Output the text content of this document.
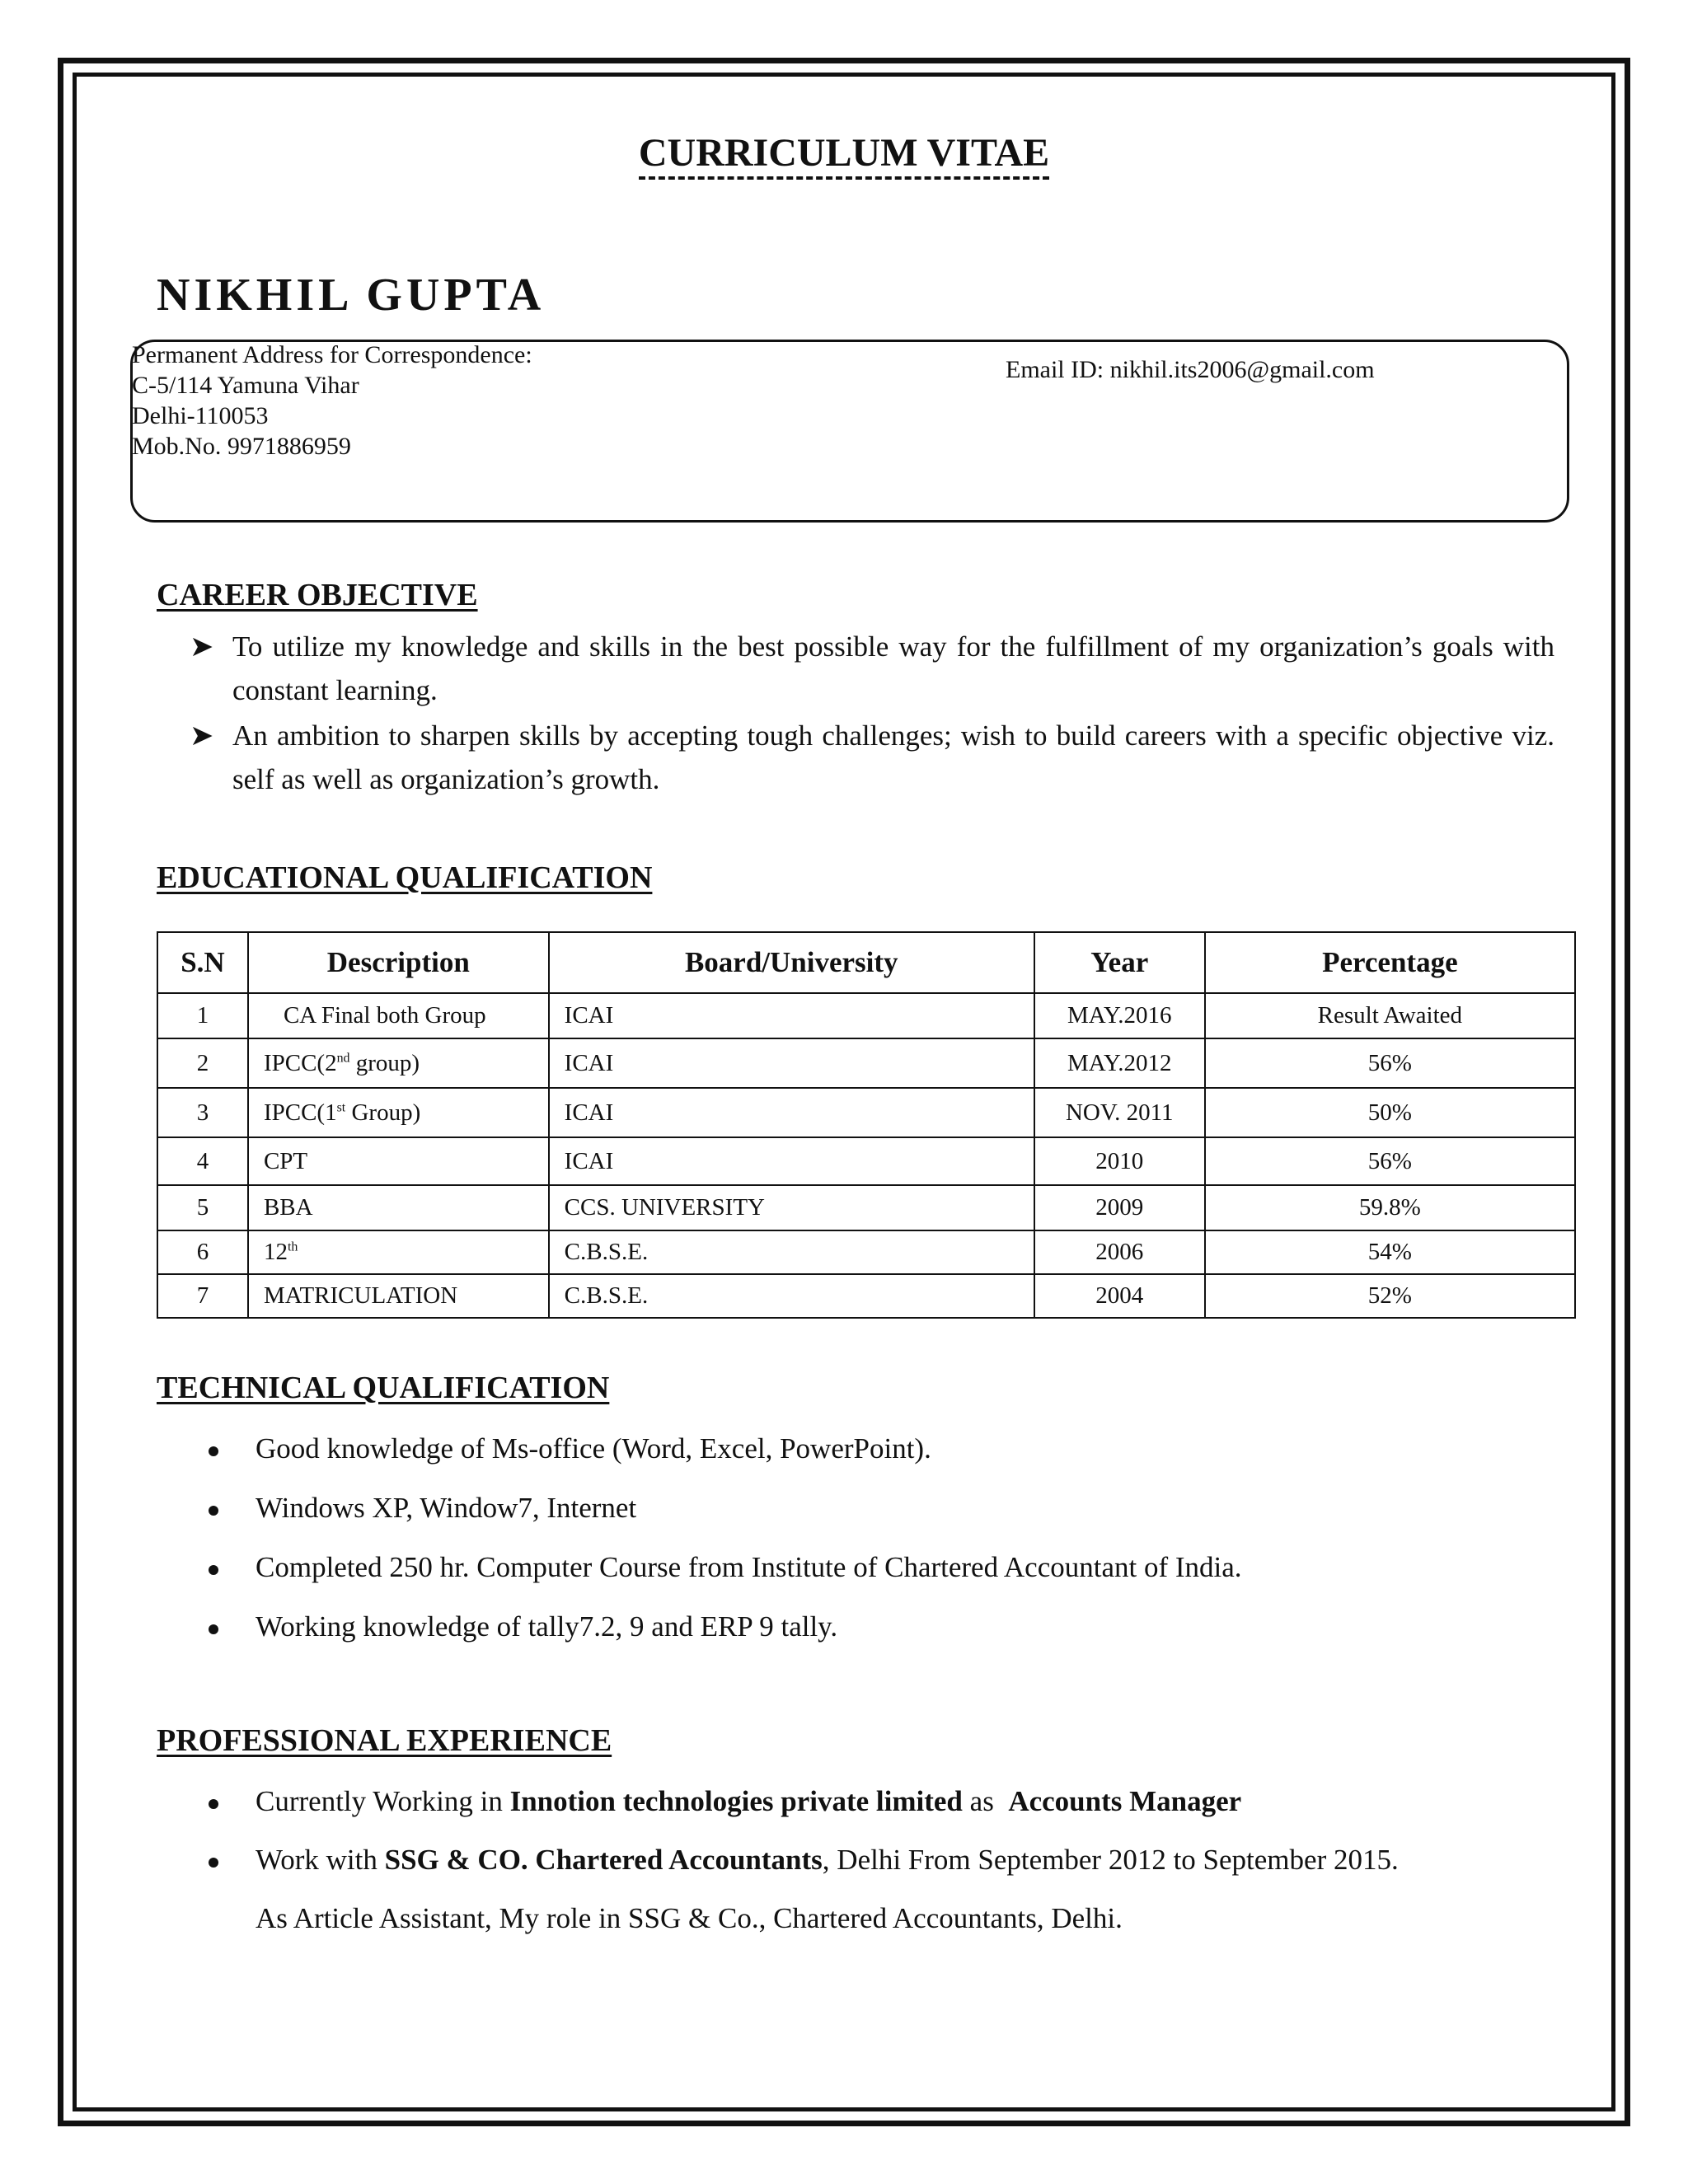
CURRICULUM VITAE
NIKHIL GUPTA
Permanent Address for Correspondence:
C-5/114 Yamuna Vihar
Delhi-110053
Mob.No. 9971886959
Email ID: nikhil.its2006@gmail.com
CAREER OBJECTIVE
➤ To utilize my knowledge and skills in the best possible way for the fulfillment of my organization’s goals with constant learning.
➤ An ambition to sharpen skills by accepting tough challenges; wish to build careers with a specific objective viz. self as well as organization’s growth.
EDUCATIONAL QUALIFICATION
S.N	Description	Board/University	Year	Percentage
1	CA Final both Group	ICAI	MAY.2016	Result Awaited
2	IPCC(2nd group)	ICAI	MAY.2012	56%
3	IPCC(1st Group)	ICAI	NOV. 2011	50%
4	CPT	ICAI	2010	56%
5	BBA	CCS. UNIVERSITY	2009	59.8%
6	12th	C.B.S.E.	2006	54%
7	MATRICULATION	C.B.S.E.	2004	52%
TECHNICAL QUALIFICATION
Good knowledge of Ms-office (Word, Excel, PowerPoint).
Windows XP, Window7, Internet
Completed 250 hr. Computer Course from Institute of Chartered Accountant of India.
Working knowledge of tally7.2, 9 and ERP 9 tally.
PROFESSIONAL EXPERIENCE
Currently Working in Innotion technologies private limited as  Accounts Manager
Work with SSG & CO. Chartered Accountants, Delhi From September 2012 to September 2015.
As Article Assistant, My role in SSG & Co., Chartered Accountants, Delhi.
